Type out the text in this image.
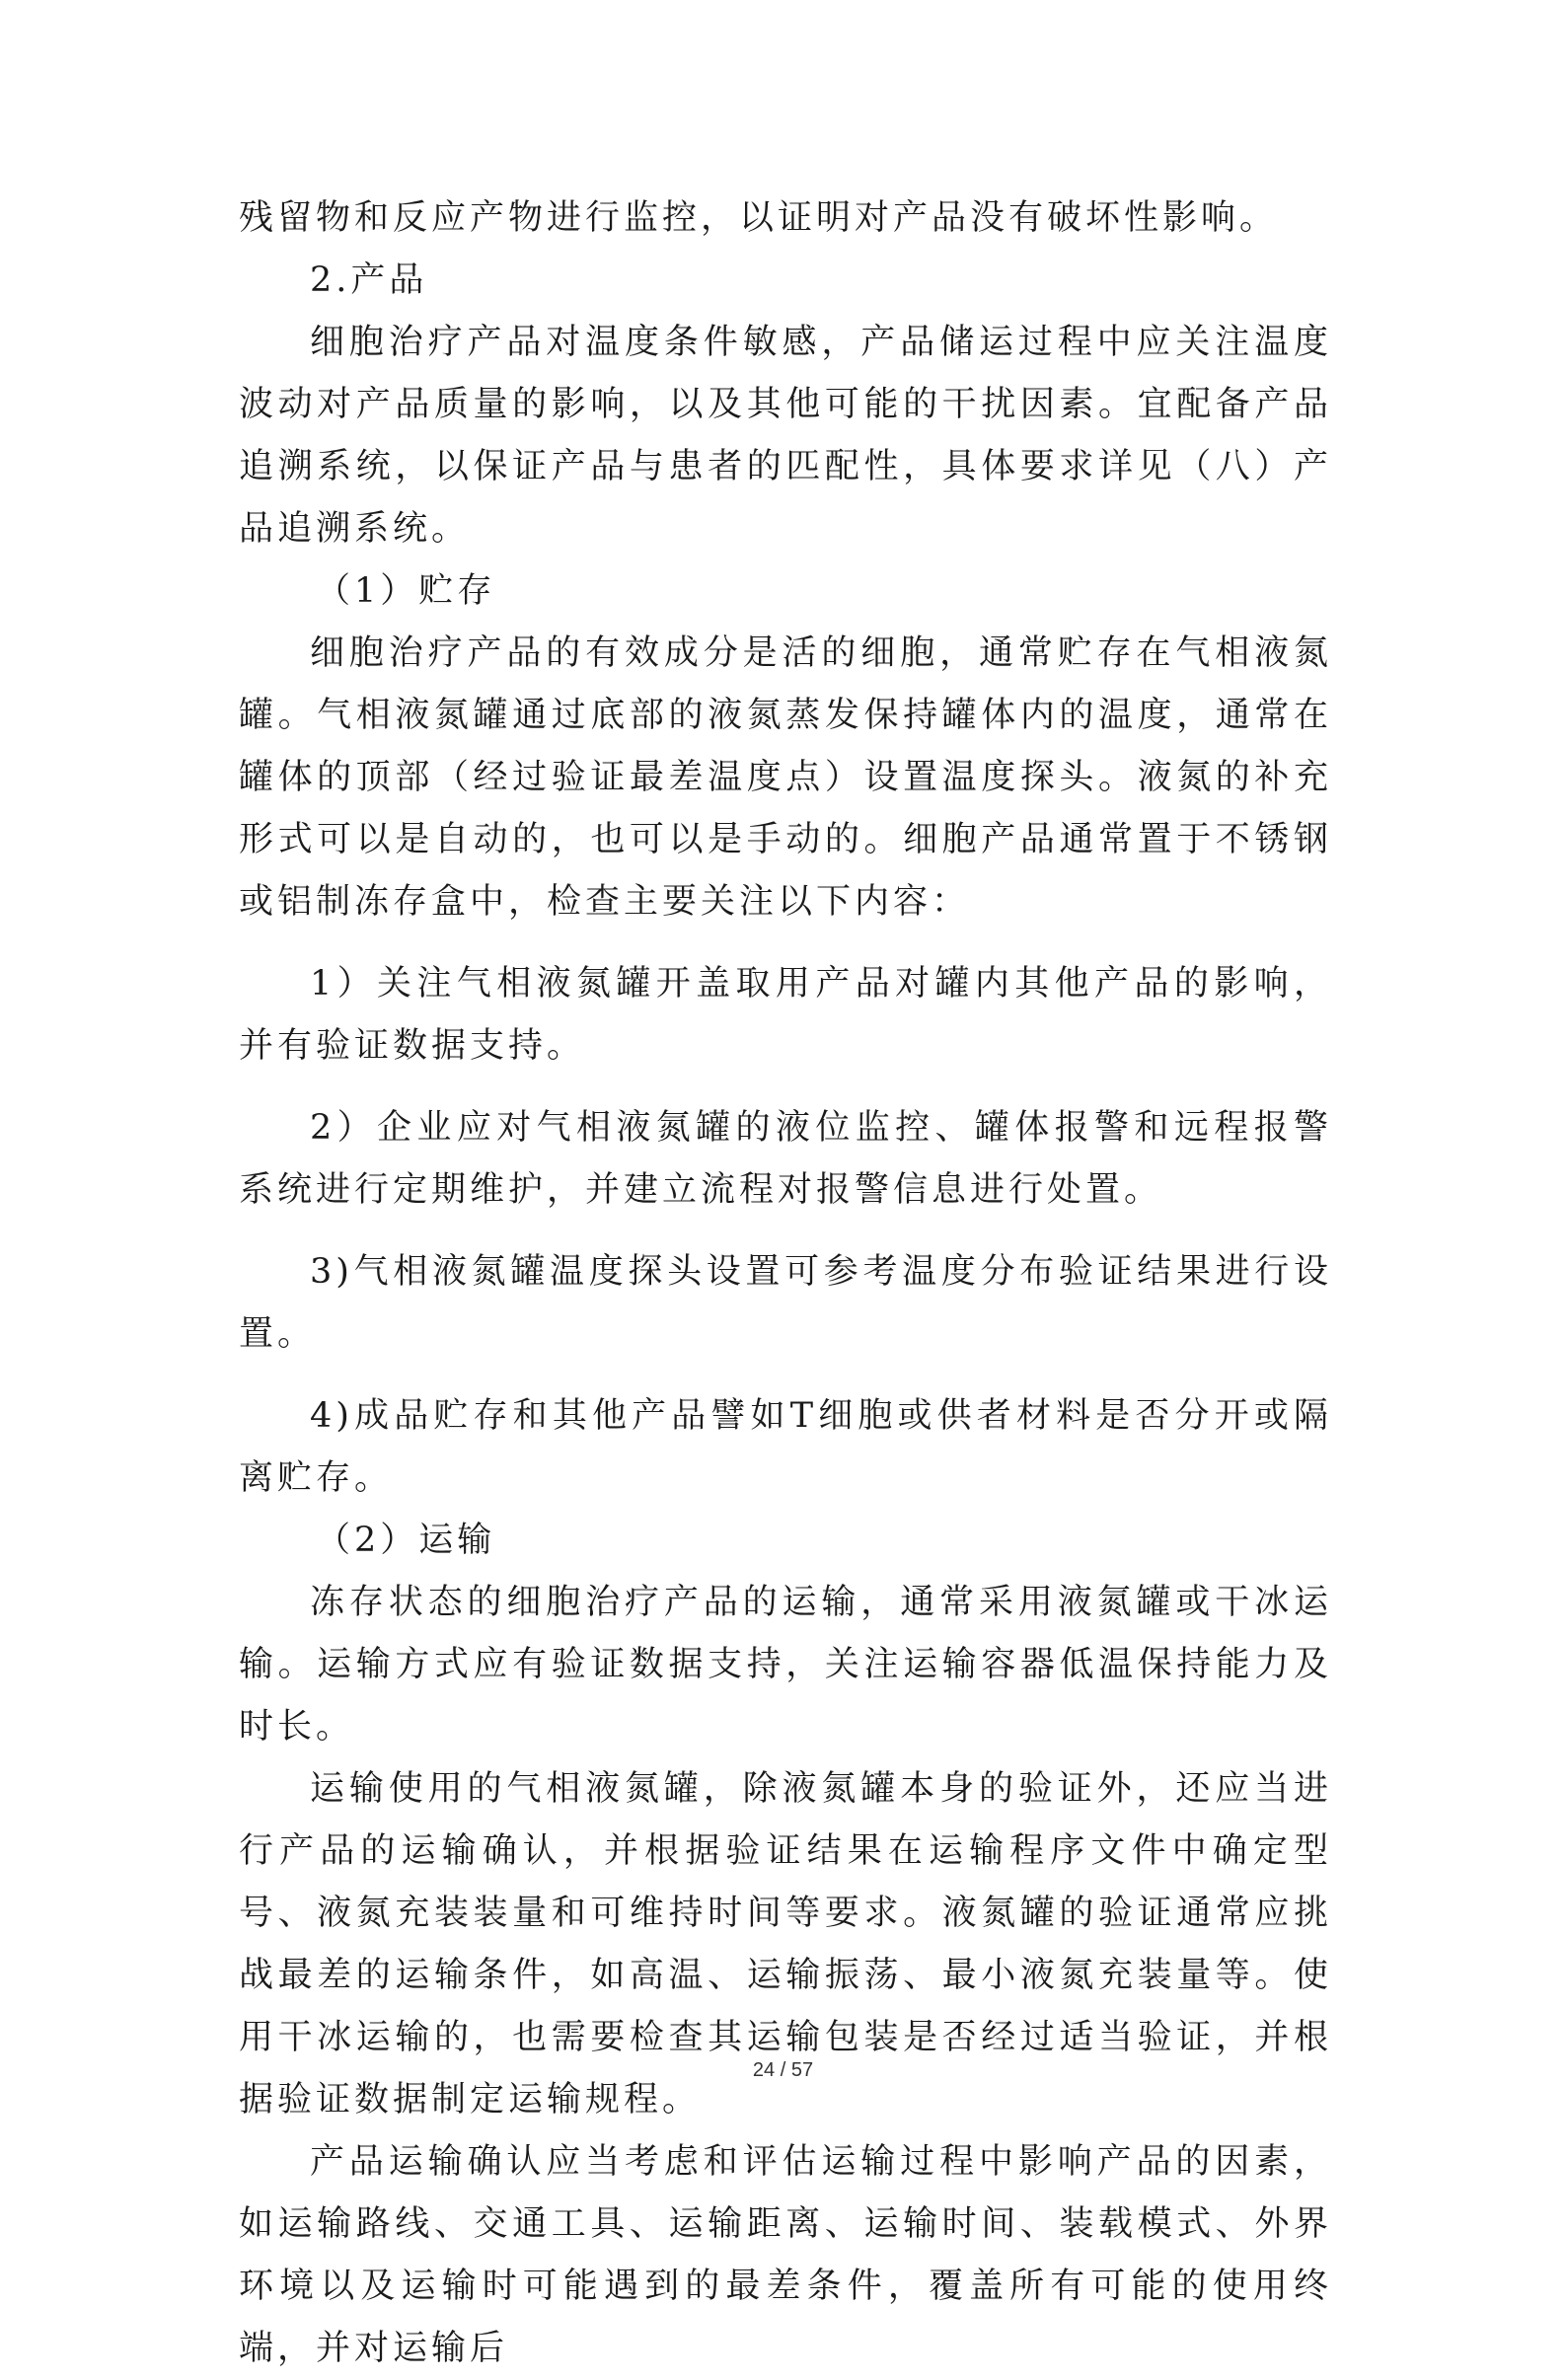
残留物和反应产物进行监控，以证明对产品没有破坏性影响。

2.产品

细胞治疗产品对温度条件敏感，产品储运过程中应关注温度波动对产品质量的影响，以及其他可能的干扰因素。宜配备产品追溯系统，以保证产品与患者的匹配性，具体要求详见（八）产品追溯系统。

（1）贮存

细胞治疗产品的有效成分是活的细胞，通常贮存在气相液氮罐。气相液氮罐通过底部的液氮蒸发保持罐体内的温度，通常在罐体的顶部（经过验证最差温度点）设置温度探头。液氮的补充形式可以是自动的，也可以是手动的。细胞产品通常置于不锈钢或铝制冻存盒中，检查主要关注以下内容：

1）关注气相液氮罐开盖取用产品对罐内其他产品的影响，并有验证数据支持。

2）企业应对气相液氮罐的液位监控、罐体报警和远程报警系统进行定期维护，并建立流程对报警信息进行处置。

3)气相液氮罐温度探头设置可参考温度分布验证结果进行设置。

4)成品贮存和其他产品譬如T细胞或供者材料是否分开或隔离贮存。

（2）运输

冻存状态的细胞治疗产品的运输，通常采用液氮罐或干冰运输。运输方式应有验证数据支持，关注运输容器低温保持能力及时长。

运输使用的气相液氮罐，除液氮罐本身的验证外，还应当进行产品的运输确认，并根据验证结果在运输程序文件中确定型号、液氮充装装量和可维持时间等要求。液氮罐的验证通常应挑战最差的运输条件，如高温、运输振荡、最小液氮充装量等。使用干冰运输的，也需要检查其运输包装是否经过适当验证，并根据验证数据制定运输规程。

产品运输确认应当考虑和评估运输过程中影响产品的因素，如运输路线、交通工具、运输距离、运输时间、装载模式、外界环境以及运输时可能遇到的最差条件，覆盖所有可能的使用终端，并对运输后

24 / 57
